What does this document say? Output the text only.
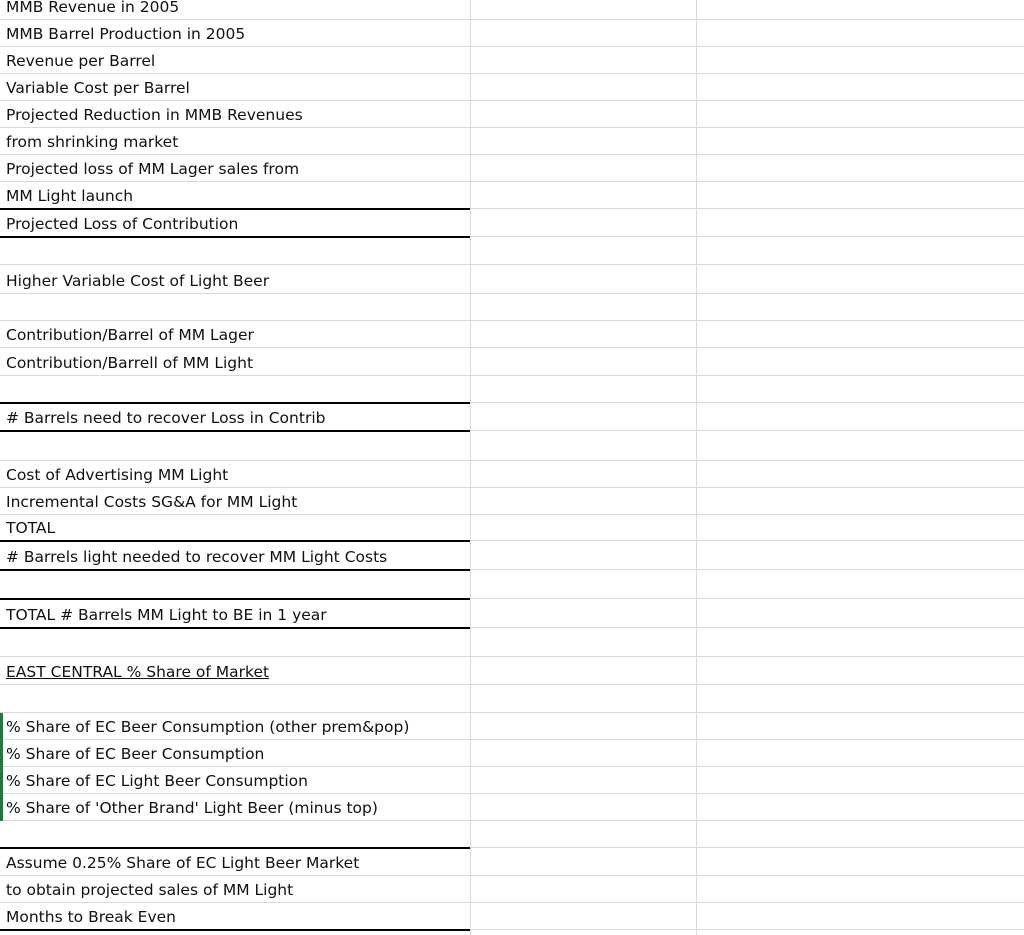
MMB Revenue in 2005
MMB Barrel Production in 2005
Revenue per Barrel
Variable Cost per Barrel
Projected Reduction in MMB Revenues
from shrinking market
Projected loss of MM Lager sales from
MM Light launch
Projected Loss of Contribution
Higher Variable Cost of Light Beer
Contribution/Barrel of MM Lager
Contribution/Barrell of MM Light
# Barrels need to recover Loss in Contrib
Cost of Advertising MM Light
Incremental Costs SG&A for MM Light
TOTAL
# Barrels light needed to recover MM Light Costs
TOTAL # Barrels MM Light to BE in 1 year
EAST CENTRAL % Share of Market
% Share of EC Beer Consumption (other prem&pop)
% Share of EC Beer Consumption
% Share of EC Light Beer Consumption
% Share of 'Other Brand' Light Beer (minus top)
Assume 0.25% Share of EC Light Beer Market
to obtain projected sales of MM Light
Months to Break Even
